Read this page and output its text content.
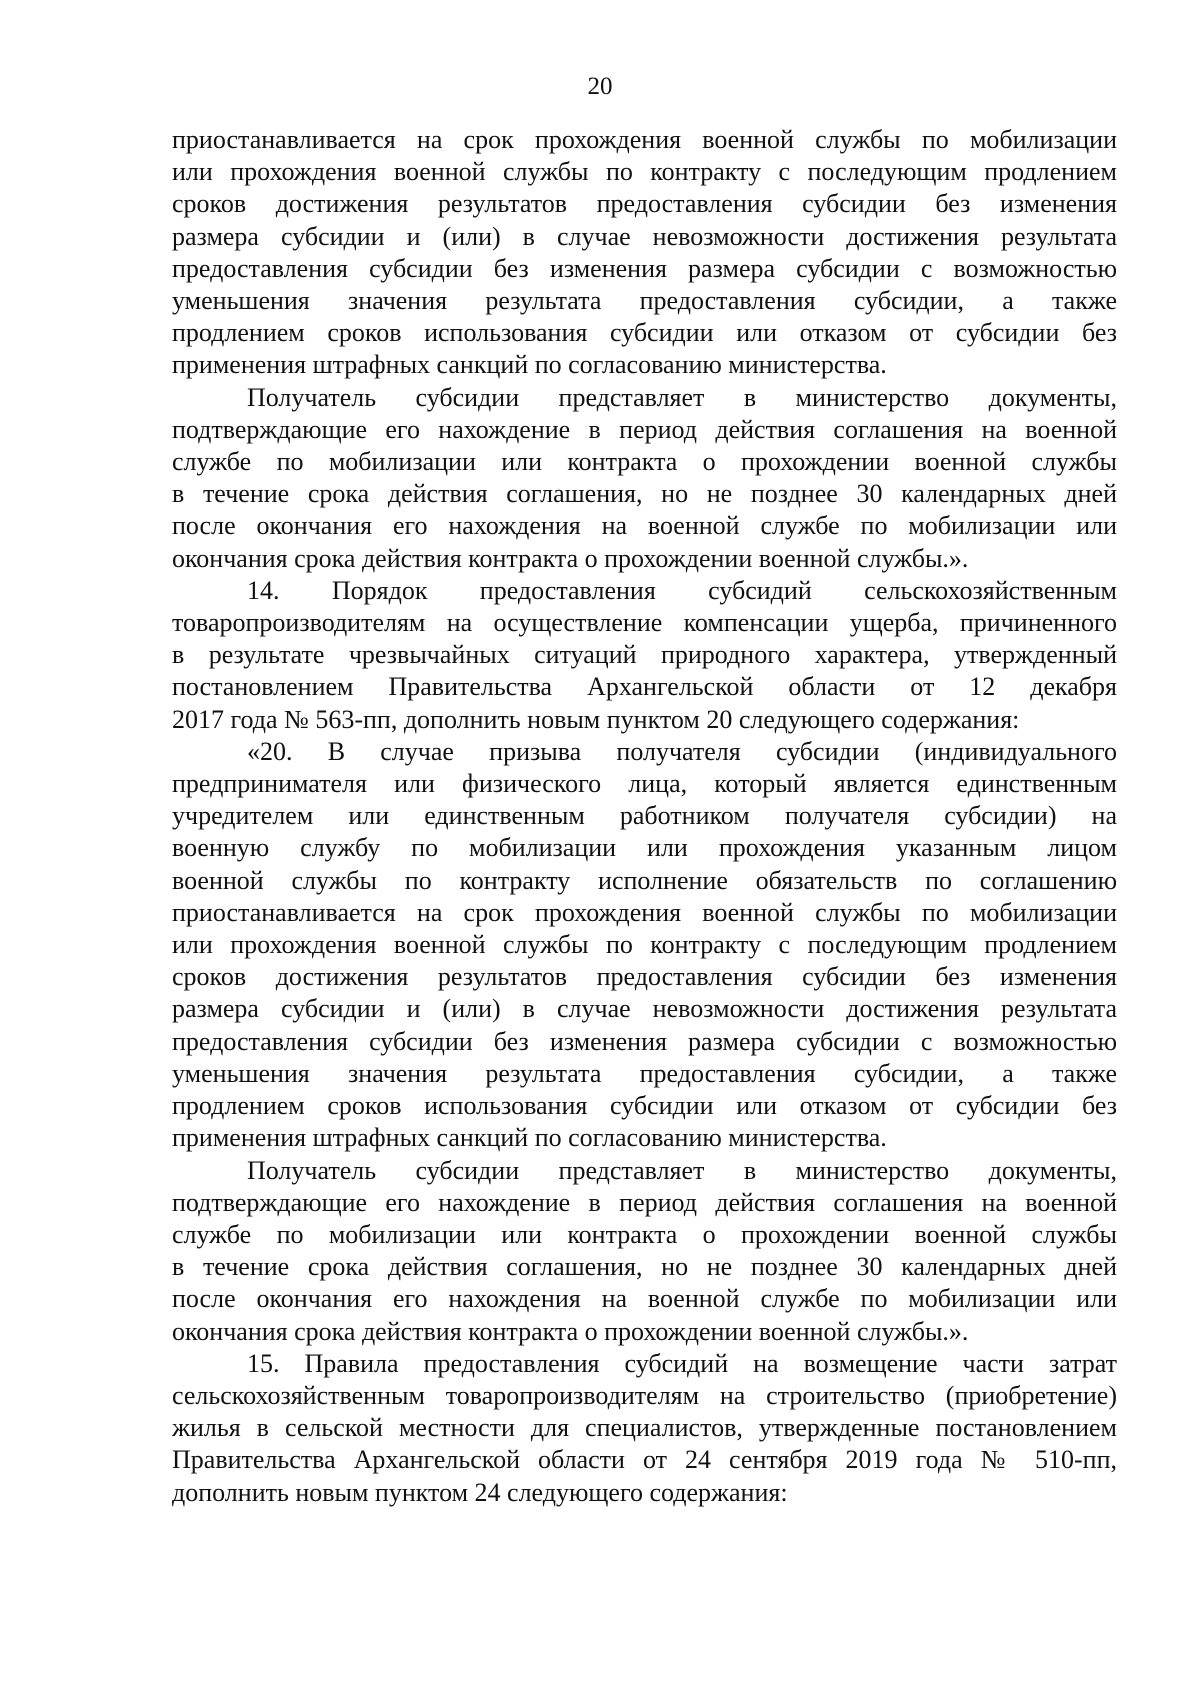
20
приостанавливается на срок прохождения военной службы по мобилизации
или прохождения военной службы по контракту с последующим продлением
сроков достижения результатов предоставления субсидии без изменения
размера субсидии и (или) в случае невозможности достижения результата
предоставления субсидии без изменения размера субсидии с возможностью
уменьшения значения результата предоставления субсидии, а также
продлением сроков использования субсидии или отказом от субсидии без
применения штрафных санкций по согласованию министерства.
Получатель субсидии представляет в министерство документы,
подтверждающие его нахождение в период действия соглашения на военной
службе по мобилизации или контракта о прохождении военной службы
в течение срока действия соглашения, но не позднее 30 календарных дней
после окончания его нахождения на военной службе по мобилизации или
окончания срока действия контракта о прохождении военной службы.».
14. Порядок предоставления субсидий сельскохозяйственным
товаропроизводителям на осуществление компенсации ущерба, причиненного
в результате чрезвычайных ситуаций природного характера, утвержденный
постановлением Правительства Архангельской области от 12 декабря
2017 года № 563-пп, дополнить новым пунктом 20 следующего содержания:
«20. В случае призыва получателя субсидии (индивидуального
предпринимателя или физического лица, который является единственным
учредителем или единственным работником получателя субсидии) на
военную службу по мобилизации или прохождения указанным лицом
военной службы по контракту исполнение обязательств по соглашению
приостанавливается на срок прохождения военной службы по мобилизации
или прохождения военной службы по контракту с последующим продлением
сроков достижения результатов предоставления субсидии без изменения
размера субсидии и (или) в случае невозможности достижения результата
предоставления субсидии без изменения размера субсидии с возможностью
уменьшения значения результата предоставления субсидии, а также
продлением сроков использования субсидии или отказом от субсидии без
применения штрафных санкций по согласованию министерства.
Получатель субсидии представляет в министерство документы,
подтверждающие его нахождение в период действия соглашения на военной
службе по мобилизации или контракта о прохождении военной службы
в течение срока действия соглашения, но не позднее 30 календарных дней
после окончания его нахождения на военной службе по мобилизации или
окончания срока действия контракта о прохождении военной службы.».
15. Правила предоставления субсидий на возмещение части затрат
сельскохозяйственным товаропроизводителям на строительство (приобретение)
жилья в сельской местности для специалистов, утвержденные постановлением
Правительства Архангельской области от 24 сентября 2019 года № 510-пп,
дополнить новым пунктом 24 следующего содержания:
